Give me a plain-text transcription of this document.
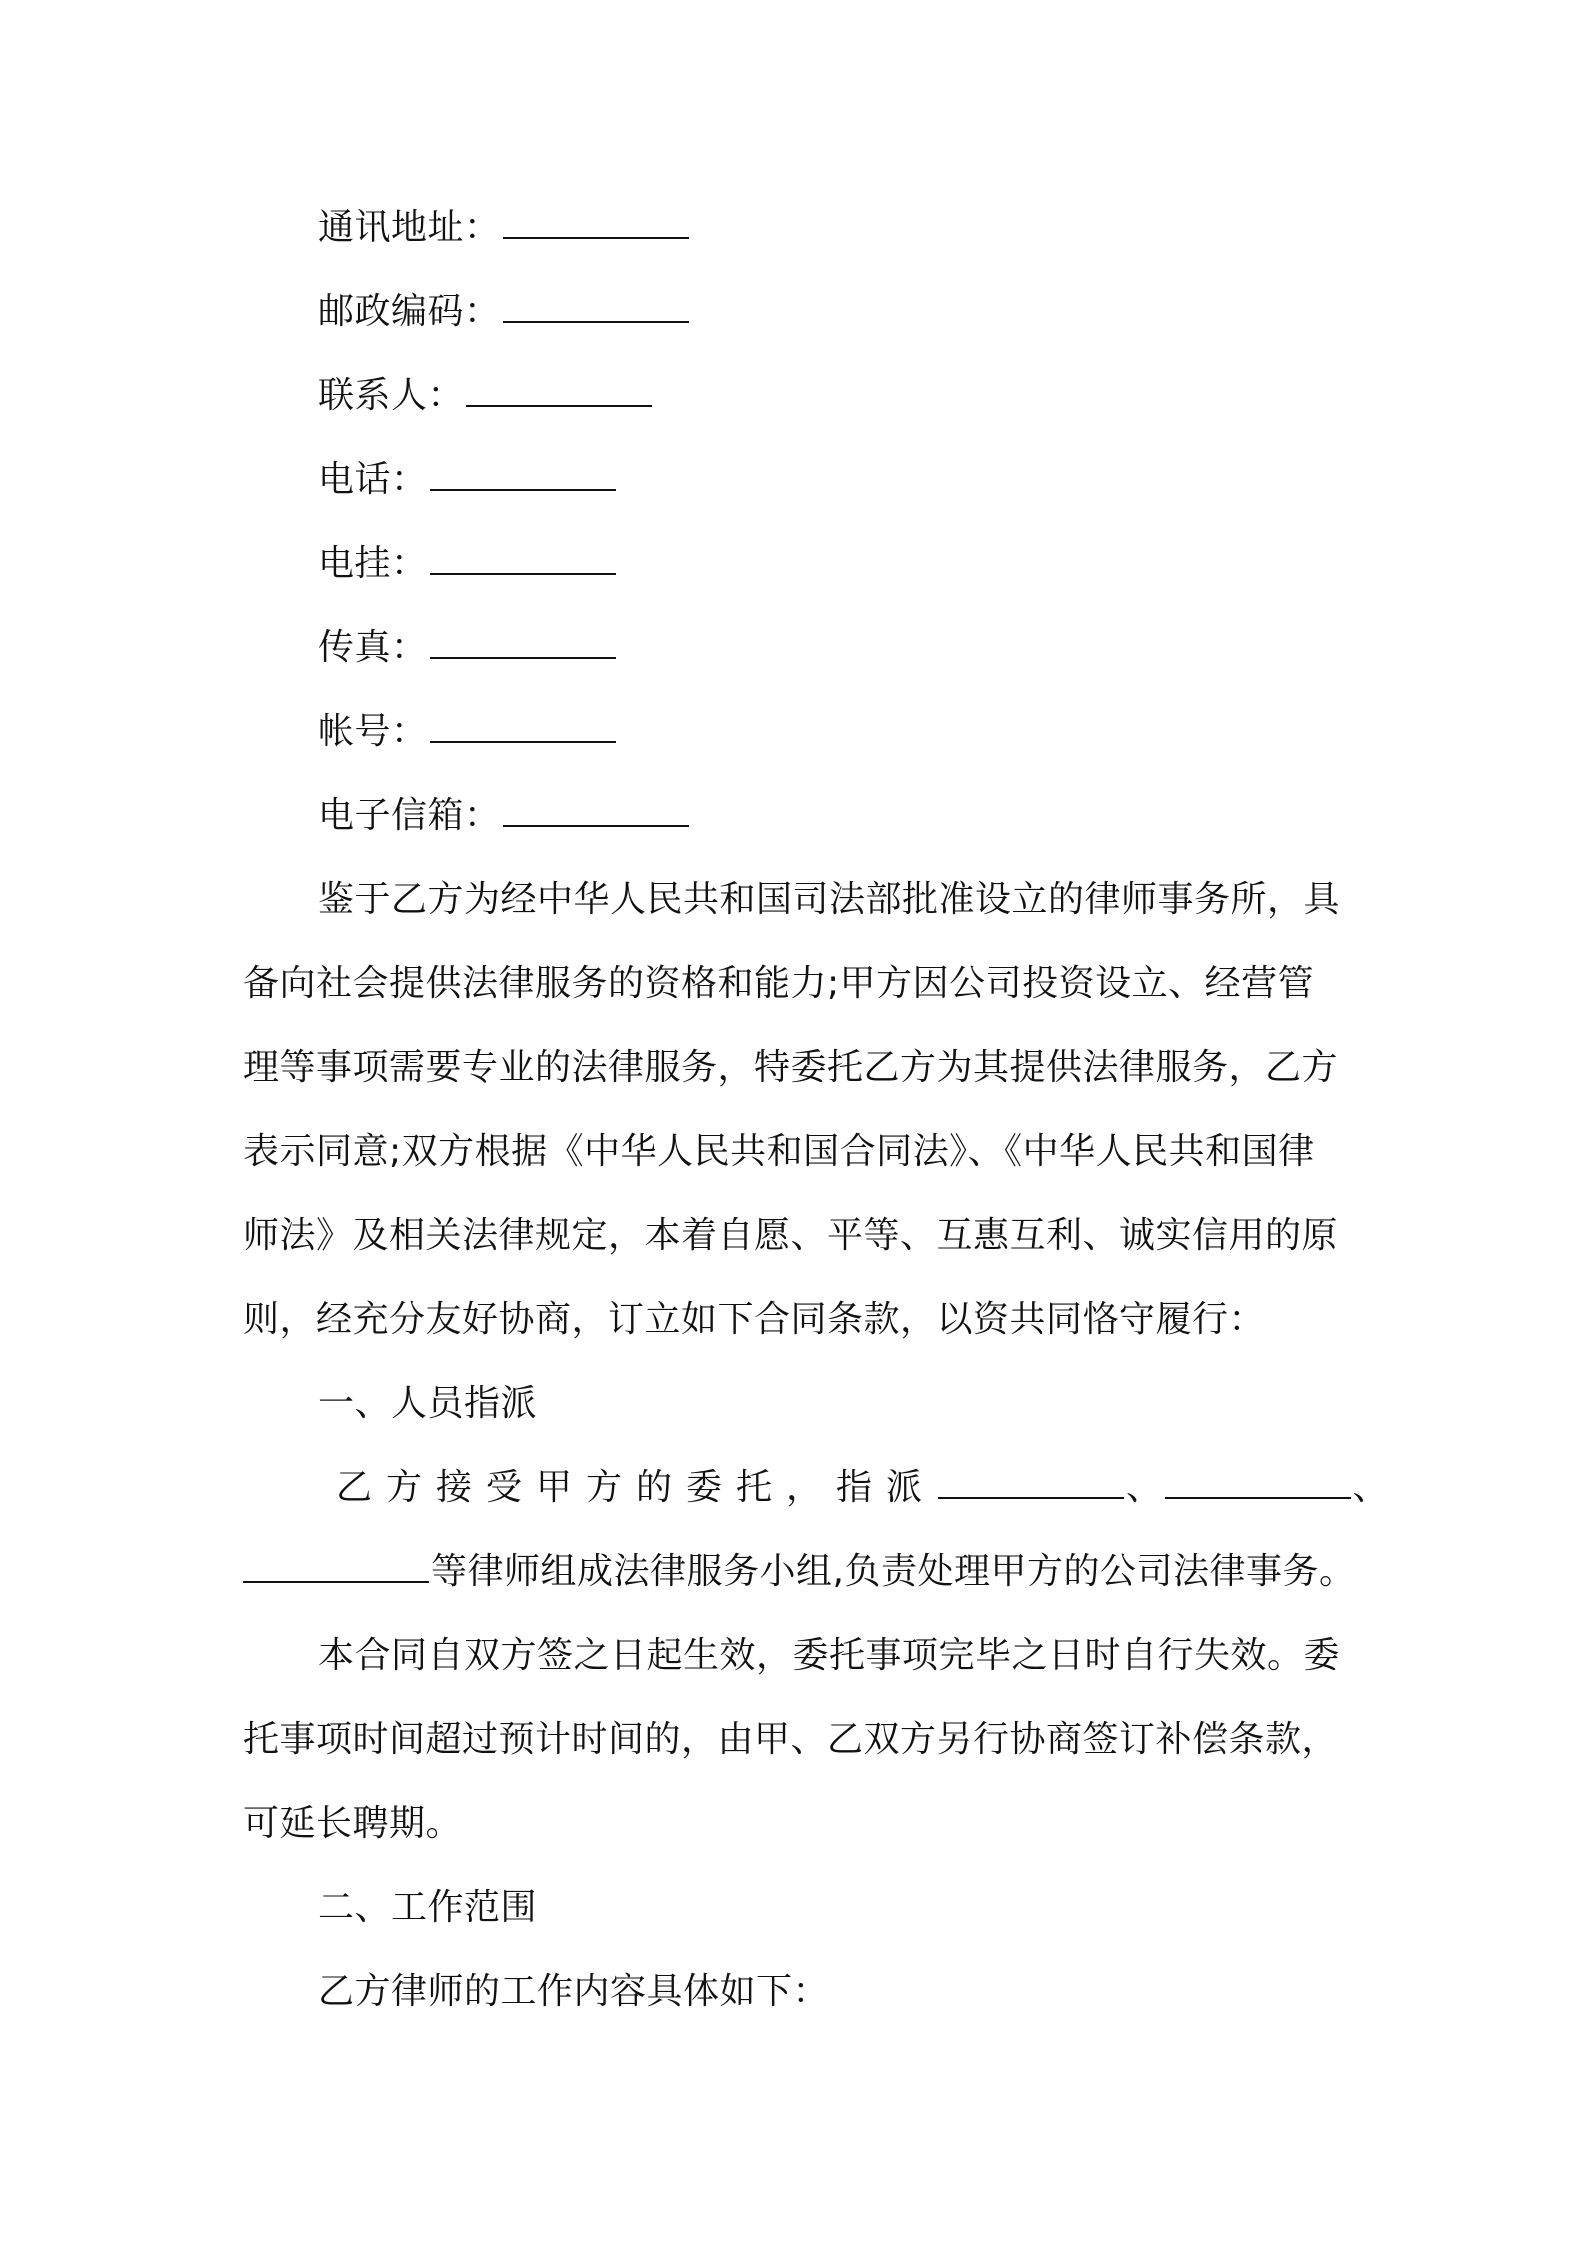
通讯地址：
邮政编码：
联系人：
电话：
电挂：
传真：
帐号：
电子信箱：
鉴于乙方为经中华人民共和国司法部批准设立的律师事务所，具
备向社会提供法律服务的资格和能力;甲方因公司投资设立、经营管
理等事项需要专业的法律服务，特委托乙方为其提供法律服务，乙方
表示同意;双方根据《中华人民共和国合同法》、《中华人民共和国律
师法》及相关法律规定，本着自愿、平等、互惠互利、诚实信用的原
则，经充分友好协商，订立如下合同条款，以资共同恪守履行：
一、人员指派
乙方接受甲方的委托，指派	、	、
等律师组成法律服务小组,负责处理甲方的公司法律事务。
本合同自双方签之日起生效，委托事项完毕之日时自行失效。委
托事项时间超过预计时间的，由甲、乙双方另行协商签订补偿条款，
可延长聘期。
二、工作范围
乙方律师的工作内容具体如下：
